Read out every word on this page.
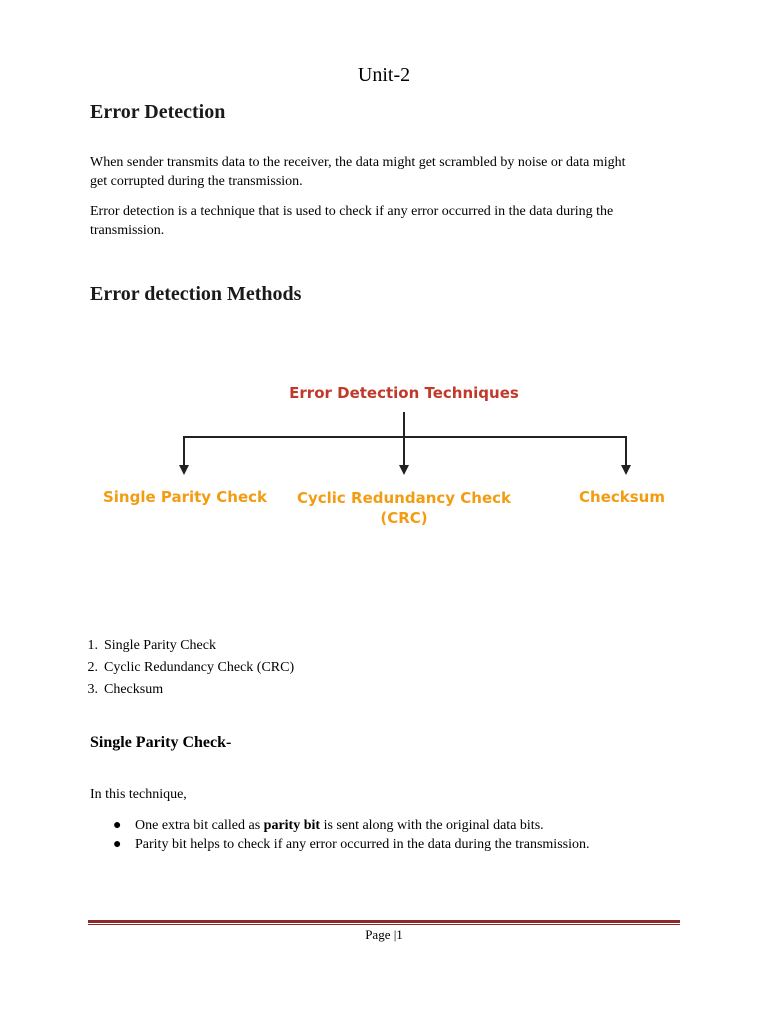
Unit-2
Error Detection
When sender transmits data to the receiver, the data might get scrambled by noise or data might
get corrupted during the transmission.
Error detection is a technique that is used to check if any error occurred in the data during the
transmission.
Error detection Methods
Error Detection Techniques
Single Parity Check	Cyclic Redundancy Check
(CRC)
Checksum
1. Single Parity Check
2. Cyclic Redundancy Check (CRC)
3. Checksum
Single Parity Check-
In this technique,
● One extra bit called as parity bit is sent along with the original data bits.
● Parity bit helps to check if any error occurred in the data during the transmission.
Page |1
